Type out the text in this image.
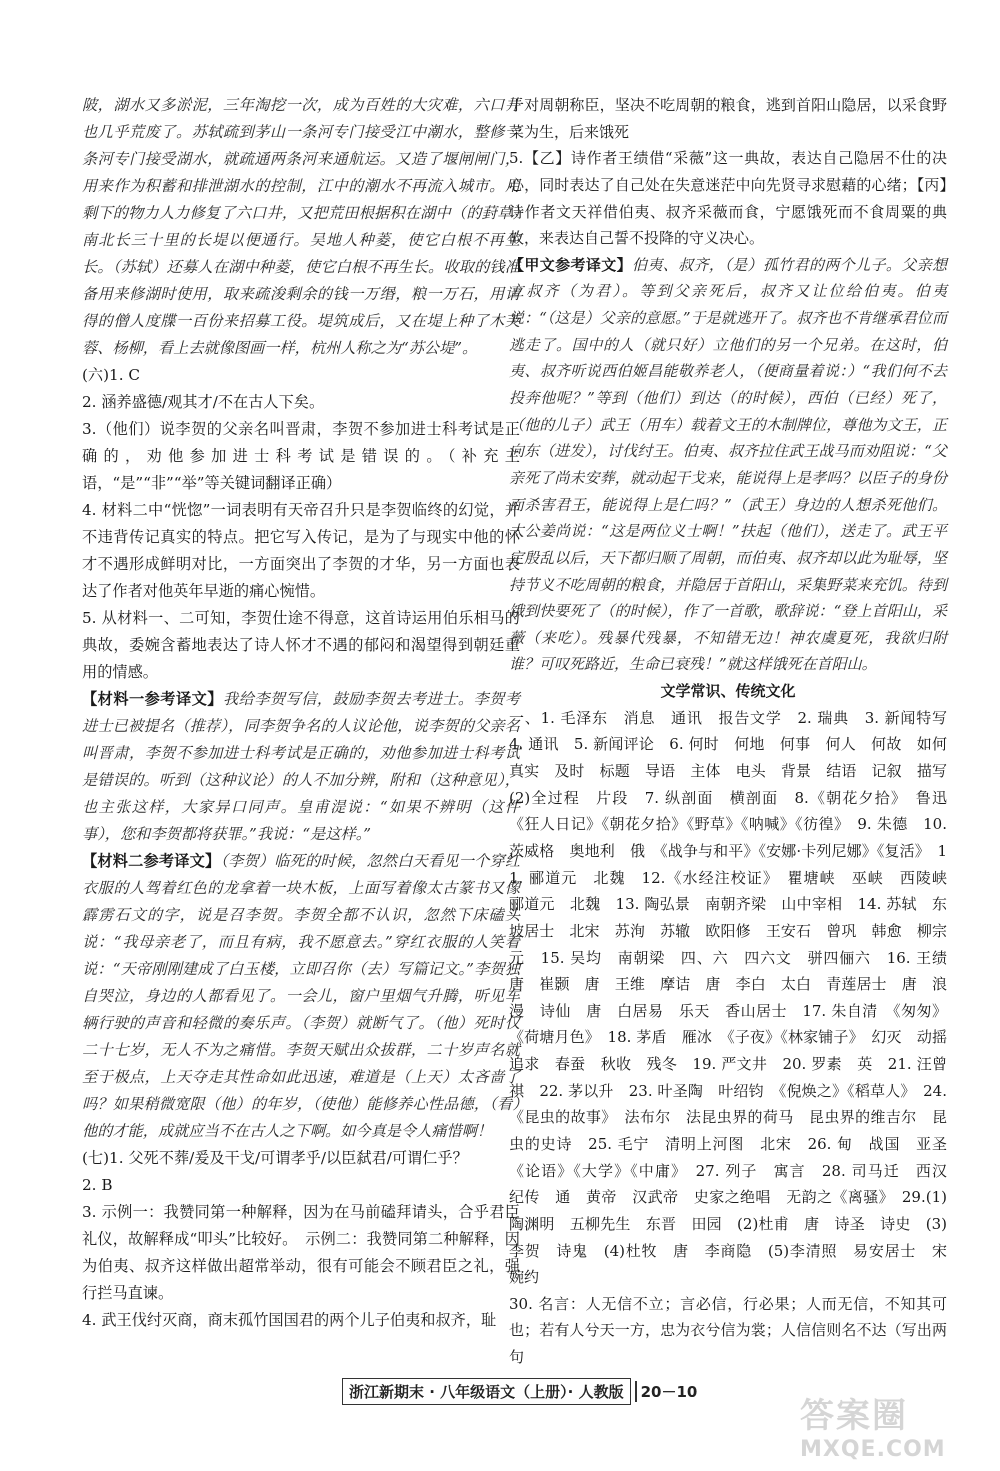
陂，湖水又多淤泥，三年淘挖一次，成为百姓的大灾难，六口井也几乎荒废了。苏轼疏到茅山一条河专门接受江中潮水，整修一条河专门接受湖水，就疏通两条河来通航运。又造了堰闸闸门，用来作为积蓄和排泄湖水的控制，江中的潮水不再流入城市。用剩下的物力人力修复了六口井，又把荒田根据积在湖中（的葑草）南北长三十里的长堤以便通行。吴地人种菱，使它白根不再生长。（苏轼）还募人在湖中种菱，使它白根不再生长。收取的钱准备用来修湖时使用，取来疏浚剩余的钱一万缗，粮一万石，用请得的僧人度牒一百份来招募工役。堤筑成后，又在堤上种了木芙蓉、杨柳，看上去就像图画一样，杭州人称之为“苏公堤”。

(六)1. C

2. 涵养盛德/观其才/不在古人下矣。

3.（他们）说李贺的父亲名叫晋肃，李贺不参加进士科考试是正确的，劝他参加进士科考试是错误的。（补充主语，“是”“非”“举”等关键词翻译正确）

4. 材料二中“恍惚”一词表明有天帝召升只是李贺临终的幻觉，并不违背传记真实的特点。把它写入传记，是为了与现实中他的怀才不遇形成鲜明对比，一方面突出了李贺的才华，另一方面也表达了作者对他英年早逝的痛心惋惜。

5. 从材料一、二可知，李贺仕途不得意，这首诗运用伯乐相马的典故，委婉含蓄地表达了诗人怀才不遇的郁闷和渴望得到朝廷重用的情感。

【材料一参考译文】我给李贺写信，鼓励李贺去考进士。李贺考进士已被提名（推荐），同李贺争名的人议论他，说李贺的父亲名叫晋肃，李贺不参加进士科考试是正确的，劝他参加进士科考试是错误的。听到（这种议论）的人不加分辨，附和（这种意见），也主张这样，大家异口同声。皇甫湜说：“如果不辨明（这件事），您和李贺都将获罪。”我说：“是这样。”

【材料二参考译文】（李贺）临死的时候，忽然白天看见一个穿红衣服的人驾着红色的龙拿着一块木板，上面写着像太古篆书又像霹雳石文的字，说是召李贺。李贺全都不认识，忽然下床磕头说：“我母亲老了，而且有病，我不愿意去。”穿红衣服的人笑着说：“天帝刚刚建成了白玉楼，立即召你（去）写篇记文。”李贺独自哭泣，身边的人都看见了。一会儿，窗户里烟气升腾，听见车辆行驶的声音和轻微的奏乐声。（李贺）就断气了。（他）死时仅二十七岁，无人不为之痛惜。李贺天赋出众拔群，二十岁声名就至于极点，上天夺走其性命如此迅速，难道是（上天）太吝啬了吗？如果稍微宽限（他）的年岁，（使他）能修养心性品德，（看）他的才能，成就应当不在古人之下啊。如今真是令人痛惜啊！

(七)1. 父死不葬/爰及干戈/可谓孝乎/以臣弑君/可谓仁乎？

2. B

3. 示例一：我赞同第一种解释，因为在马前磕拜请头，合乎君臣礼仪，故解释成“叩头”比较好。　示例二：我赞同第二种解释，因为伯夷、叔齐这样做出超常举动，很有可能会不顾君臣之礼，强行拦马直谏。

4. 武王伐纣灭商，商末孤竹国国君的两个儿子伯夷和叔齐，耻

于对周朝称臣，坚决不吃周朝的粮食，逃到首阳山隐居，以采食野菜为生，后来饿死

5.【乙】诗作者王绩借“采薇”这一典故，表达自己隐居不仕的决心，同时表达了自己处在失意迷茫中向先贤寻求慰藉的心绪；【丙】诗作者文天祥借伯夷、叔齐采薇而食，宁愿饿死而不食周粟的典故，来表达自己誓不投降的守义决心。

【甲文参考译文】伯夷、叔齐，（是）孤竹君的两个儿子。父亲想立叔齐（为君）。等到父亲死后，叔齐又让位给伯夷。伯夷说：“（这是）父亲的意愿。”于是就逃开了。叔齐也不肯继承君位而逃走了。国中的人（就只好）立他们的另一个兄弟。在这时，伯夷、叔齐听说西伯姬昌能敬养老人，（便商量着说：）“我们何不去投奔他呢？”等到（他们）到达（的时候），西伯（已经）死了，（他的儿子）武王（用车）载着文王的木制牌位，尊他为文王，正向东（进发），讨伐纣王。伯夷、叔齐拉住武王战马而劝阻说：“父亲死了尚未安葬，就动起干戈来，能说得上是孝吗？以臣子的身份而杀害君王，能说得上是仁吗？”（武王）身边的人想杀死他们。太公姜尚说：“这是两位义士啊！”扶起（他们），送走了。武王平定殷乱以后，天下都归顺了周朝，而伯夷、叔齐却以此为耻辱，坚持节义不吃周朝的粮食，并隐居于首阳山，采集野菜来充饥。待到饿到快要死了（的时候），作了一首歌，歌辞说：“登上首阳山，采薇（来吃）。残暴代残暴，不知错无边！神农虞夏死，我欲归附谁？可叹死路近，生命已衰残！”就这样饿死在首阳山。

文学常识、传统文化

一、1. 毛泽东　消息　通讯　报告文学　2. 瑞典　3. 新闻特写　4. 通讯　5. 新闻评论　6. 何时　何地　何事　何人　何故　如何　真实　及时　标题　导语　主体　电头　背景　结语　记叙　描写　(2)全过程　片段　7. 纵剖面　横剖面　8.《朝花夕拾》　鲁迅　《狂人日记》《朝花夕拾》《野草》《呐喊》《彷徨》　9. 朱德　10. 茨威格　奥地利　俄　《战争与和平》《安娜·卡列尼娜》《复活》　11. 郦道元　北魏　12.《水经注校证》　瞿塘峡　巫峡　西陵峡　郦道元　北魏　13. 陶弘景　南朝齐梁　山中宰相　14. 苏轼　东坡居士　北宋　苏洵　苏辙　欧阳修　王安石　曾巩　韩愈　柳宗元　15. 吴均　南朝梁　四、六　四六文　骈四俪六　16. 王绩　唐　崔颢　唐　王维　摩诘　唐　李白　太白　青莲居士　唐　浪漫　诗仙　唐　白居易　乐天　香山居士　17. 朱自清　《匆匆》《荷塘月色》　18. 茅盾　雁冰　《子夜》《林家铺子》　幻灭　动摇　追求　春蚕　秋收　残冬　19. 严文井　20. 罗素　英　21. 汪曾祺　22. 茅以升　23. 叶圣陶　叶绍钧　《倪焕之》《稻草人》　24.《昆虫的故事》　法布尔　法昆虫界的荷马　昆虫界的维吉尔　昆虫的史诗　25. 毛宁　清明上河图　北宋　26. 甸　战国　亚圣　《论语》《大学》《中庸》　27. 列子　寓言　28. 司马迁　西汉　纪传　通　黄帝　汉武帝　史家之绝唱　无韵之《离骚》　29.(1)陶渊明　五柳先生　东晋　田园　(2)杜甫　唐　诗圣　诗史　(3)李贺　诗鬼　(4)杜牧　唐　李商隐　(5)李清照　易安居士　宋　婉约

30. 名言：人无信不立；言必信，行必果；人而无信，不知其可也；若有人兮天一方，忠为衣兮信为裳；人信信则名不达（写出两句

浙江新期末 · 八年级语文（上册）· 人教版	20－10
答案圈
MXQE.COM
